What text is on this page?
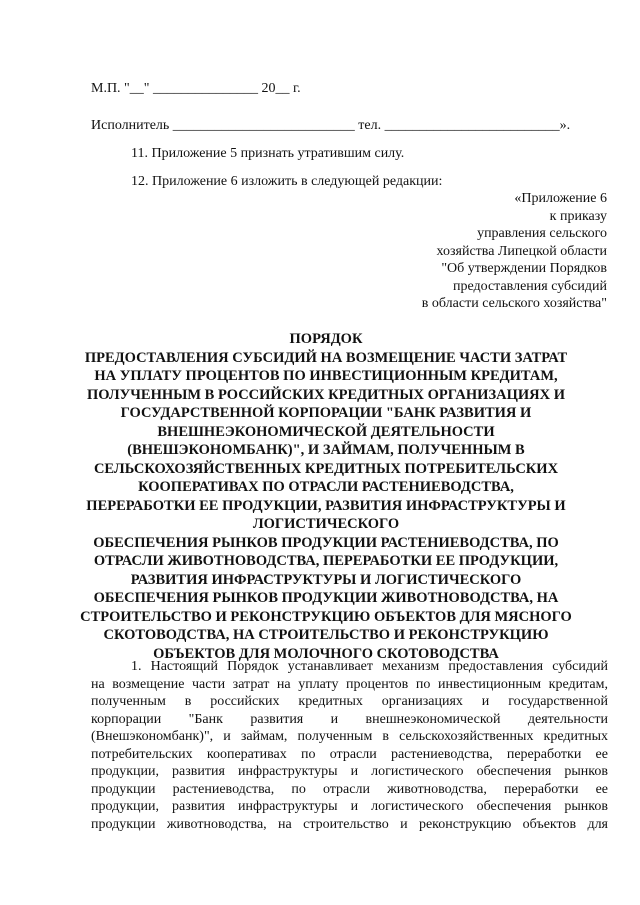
М.П. "__" _______________ 20__ г.
Исполнитель __________________________ тел. _________________________».
11. Приложение 5 признать утратившим силу.
12. Приложение 6 изложить в следующей редакции:
«Приложение 6
к приказу
управления сельского
хозяйства Липецкой области
"Об утверждении Порядков
предоставления субсидий
в области сельского хозяйства"
ПОРЯДОК
ПРЕДОСТАВЛЕНИЯ СУБСИДИЙ НА ВОЗМЕЩЕНИЕ ЧАСТИ ЗАТРАТ
НА УПЛАТУ ПРОЦЕНТОВ ПО ИНВЕСТИЦИОННЫМ КРЕДИТАМ,
ПОЛУЧЕННЫМ В РОССИЙСКИХ КРЕДИТНЫХ ОРГАНИЗАЦИЯХ И
ГОСУДАРСТВЕННОЙ КОРПОРАЦИИ "БАНК РАЗВИТИЯ И
ВНЕШНЕЭКОНОМИЧЕСКОЙ ДЕЯТЕЛЬНОСТИ
(ВНЕШЭКОНОМБАНК)", И ЗАЙМАМ, ПОЛУЧЕННЫМ В
СЕЛЬСКОХОЗЯЙСТВЕННЫХ КРЕДИТНЫХ ПОТРЕБИТЕЛЬСКИХ
КООПЕРАТИВАХ ПО ОТРАСЛИ РАСТЕНИЕВОДСТВА,
ПЕРЕРАБОТКИ ЕЕ ПРОДУКЦИИ, РАЗВИТИЯ ИНФРАСТРУКТУРЫ И
ЛОГИСТИЧЕСКОГО
ОБЕСПЕЧЕНИЯ РЫНКОВ ПРОДУКЦИИ РАСТЕНИЕВОДСТВА, ПО
ОТРАСЛИ ЖИВОТНОВОДСТВА, ПЕРЕРАБОТКИ ЕЕ ПРОДУКЦИИ,
РАЗВИТИЯ ИНФРАСТРУКТУРЫ И ЛОГИСТИЧЕСКОГО
ОБЕСПЕЧЕНИЯ РЫНКОВ ПРОДУКЦИИ ЖИВОТНОВОДСТВА, НА
СТРОИТЕЛЬСТВО И РЕКОНСТРУКЦИЮ ОБЪЕКТОВ ДЛЯ МЯСНОГО
СКОТОВОДСТВА, НА СТРОИТЕЛЬСТВО И РЕКОНСТРУКЦИЮ
ОБЪЕКТОВ ДЛЯ МОЛОЧНОГО СКОТОВОДСТВА
1. Настоящий Порядок устанавливает механизм предоставления субсидий
на возмещение части затрат на уплату процентов по инвестиционным кредитам,
полученным в российских кредитных организациях и государственной
корпорации "Банк развития и внешнеэкономической деятельности
(Внешэкономбанк)", и займам, полученным в сельскохозяйственных кредитных
потребительских кооперативах по отрасли растениеводства, переработки ее
продукции, развития инфраструктуры и логистического обеспечения рынков
продукции растениеводства, по отрасли животноводства, переработки ее
продукции, развития инфраструктуры и логистического обеспечения рынков
продукции животноводства, на строительство и реконструкцию объектов для
